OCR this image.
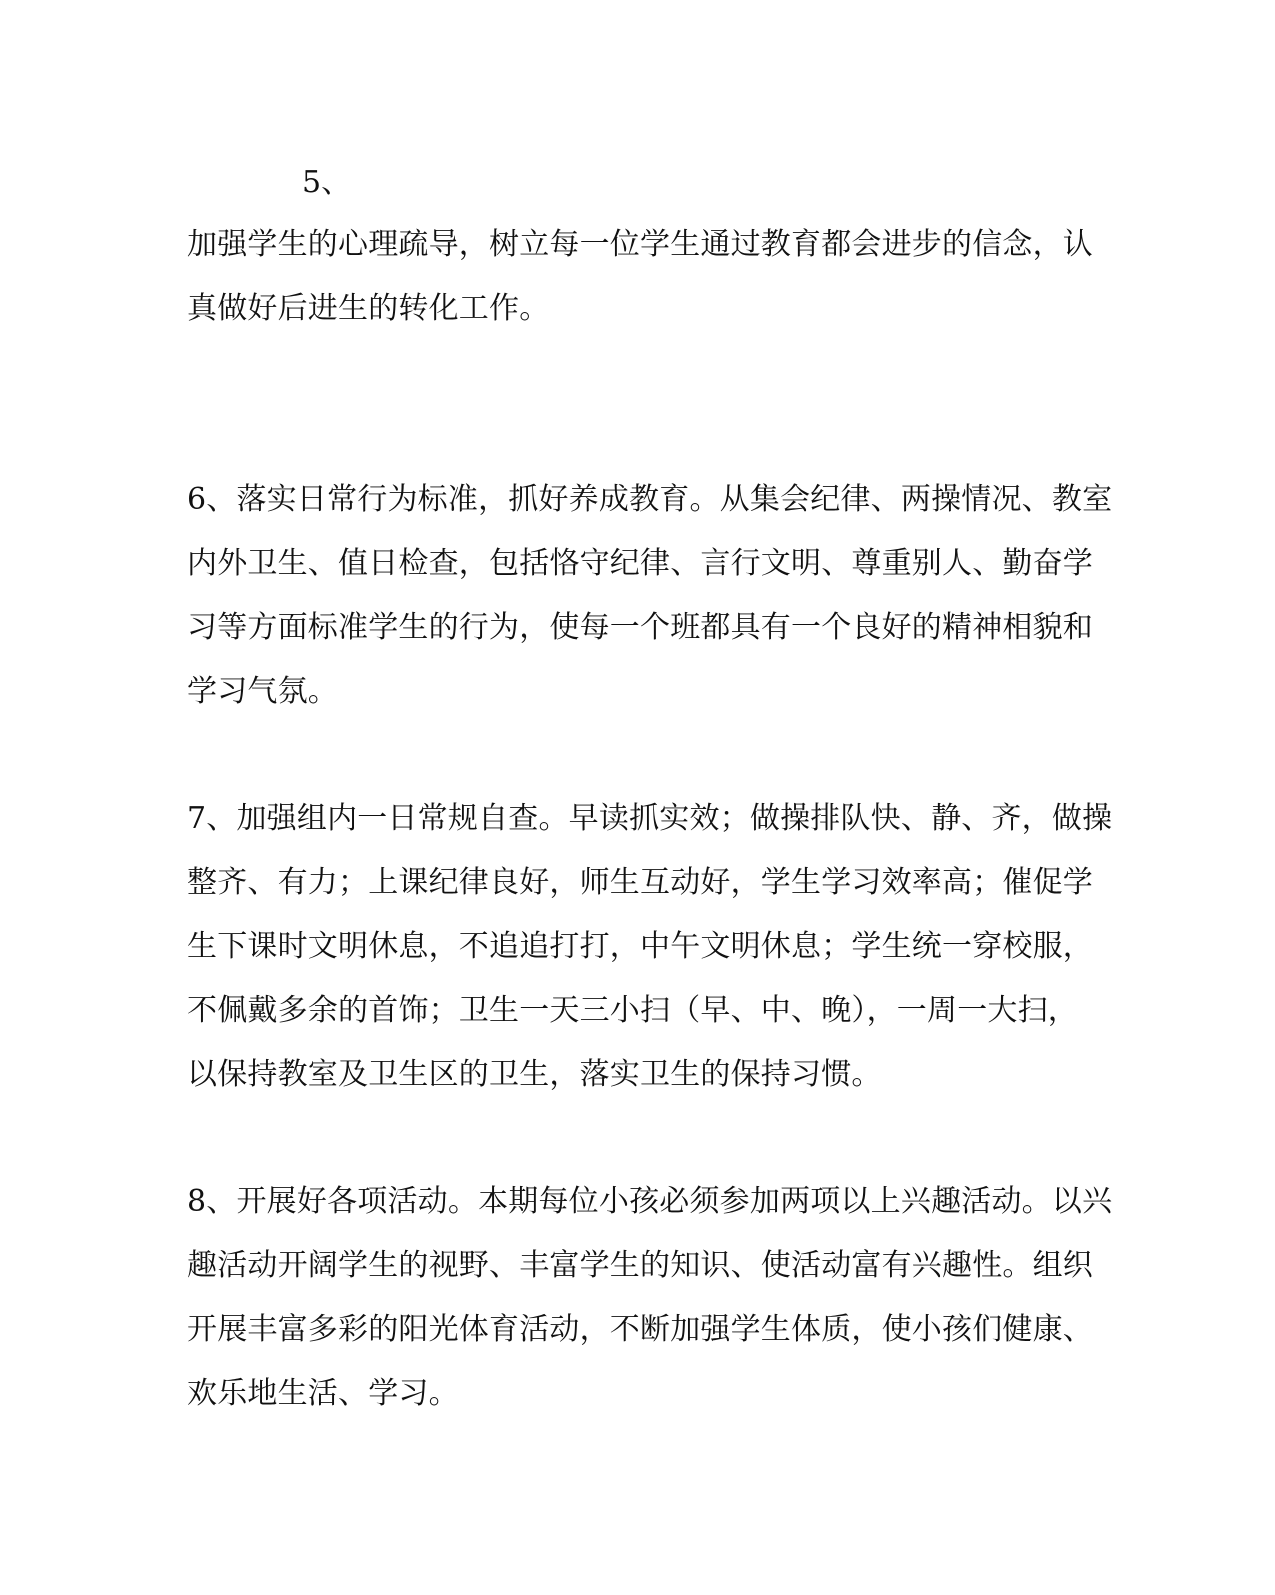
5、
加强学生的心理疏导，树立每一位学生通过教育都会进步的信念，认
真做好后进生的转化工作。
6、落实日常行为标准，抓好养成教育。从集会纪律、两操情况、教室
内外卫生、值日检查，包括恪守纪律、言行文明、尊重别人、勤奋学
习等方面标准学生的行为，使每一个班都具有一个良好的精神相貌和
学习气氛。
7、加强组内一日常规自查。早读抓实效；做操排队快、静、齐，做操
整齐、有力；上课纪律良好，师生互动好，学生学习效率高；催促学
生下课时文明休息，不追追打打，中午文明休息；学生统一穿校服，
不佩戴多余的首饰；卫生一天三小扫（早、中、晚），一周一大扫，
以保持教室及卫生区的卫生，落实卫生的保持习惯。
8、开展好各项活动。本期每位小孩必须参加两项以上兴趣活动。以兴
趣活动开阔学生的视野、丰富学生的知识、使活动富有兴趣性。组织
开展丰富多彩的阳光体育活动，不断加强学生体质，使小孩们健康、
欢乐地生活、学习。
